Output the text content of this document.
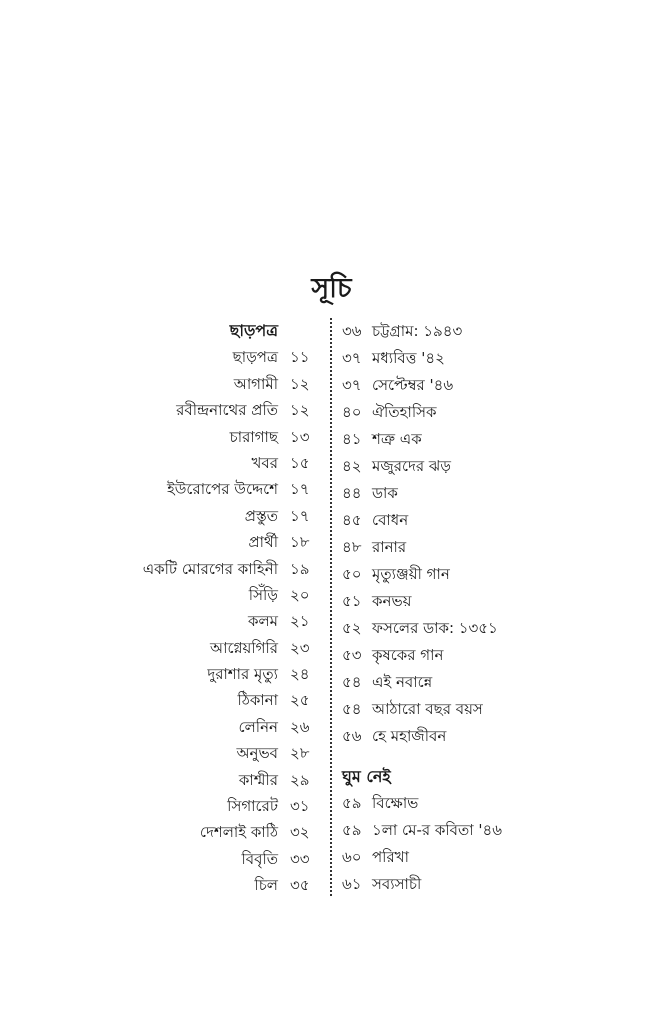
সূচি
ছাড়পত্র
ছাড়পত্র ১১
আগামী ১২
রবীন্দ্রনাথের প্রতি ১২
চারাগাছ ১৩
খবর ১৫
ইউরোপের উদ্দেশে ১৭
প্রস্তুত ১৭
প্রার্থী ১৮
একটি মোরগের কাহিনী ১৯
সিঁড়ি ২০
কলম ২১
আগ্নেয়গিরি ২৩
দুরাশার মৃত্যু ২৪
ঠিকানা ২৫
লেনিন ২৬
অনুভব ২৮
কাশ্মীর ২৯
সিগারেট ৩১
দেশলাই কাঠি ৩২
বিবৃতি ৩৩
চিল ৩৫
৩৬ চট্টগ্রাম: ১৯৪৩
৩৭ মধ্যবিত্ত '৪২
৩৭ সেপ্টেম্বর '৪৬
৪০ ঐতিহাসিক
৪১ শত্রু এক
৪২ মজুরদের ঝড়
৪৪ ডাক
৪৫ বোধন
৪৮ রানার
৫০ মৃত্যুঞ্জয়ী গান
৫১ কনভয়
৫২ ফসলের ডাক: ১৩৫১
৫৩ কৃষকের গান
৫৪ এই নবান্নে
৫৪ আঠারো বছর বয়স
৫৬ হে মহাজীবন
ঘুম নেই
৫৯ বিক্ষোভ
৫৯ ১লা মে-র কবিতা '৪৬
৬০ পরিখা
৬১ সব্যসাচী
